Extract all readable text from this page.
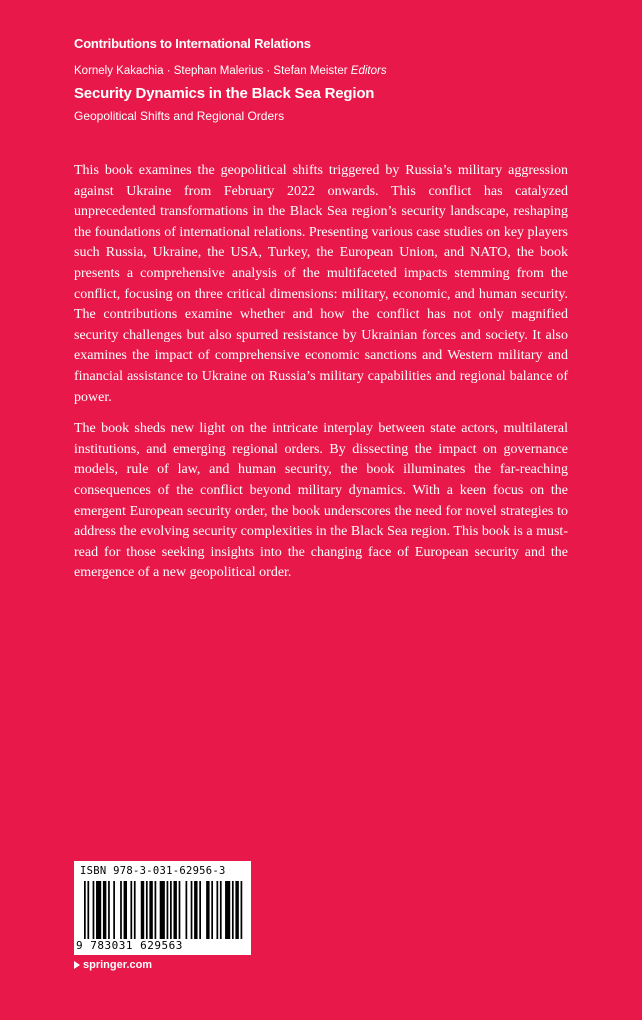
Contributions to International Relations
Kornely Kakachia · Stephan Malerius · Stefan Meister Editors
Security Dynamics in the Black Sea Region
Geopolitical Shifts and Regional Orders

This book examines the geopolitical shifts triggered by Russia’s military aggression against Ukraine from February 2022 onwards. This conflict has catalyzed unprecedented transformations in the Black Sea region’s security landscape, reshaping the foundations of international relations. Presenting various case studies on key players such Russia, Ukraine, the USA, Turkey, the European Union, and NATO, the book presents a comprehensive analysis of the multifaceted impacts stemming from the conflict, focusing on three critical dimensions: military, economic, and human security. The contributions examine whether and how the conflict has not only magnified security challenges but also spurred resistance by Ukrainian forces and society. It also examines the impact of comprehensive economic sanctions and Western military and financial assistance to Ukraine on Russia’s military capabilities and regional balance of power.

The book sheds new light on the intricate interplay between state actors, multilateral institutions, and emerging regional orders. By dissecting the impact on governance models, rule of law, and human security, the book illuminates the far-reaching consequences of the conflict beyond military dynamics. With a keen focus on the emergent European security order, the book underscores the need for novel strategies to address the evolving security complexities in the Black Sea region. This book is a must-read for those seeking insights into the changing face of European security and the emergence of a new geopolitical order.

ISBN 978-3-031-62956-3
9 783031 629563
springer.com
